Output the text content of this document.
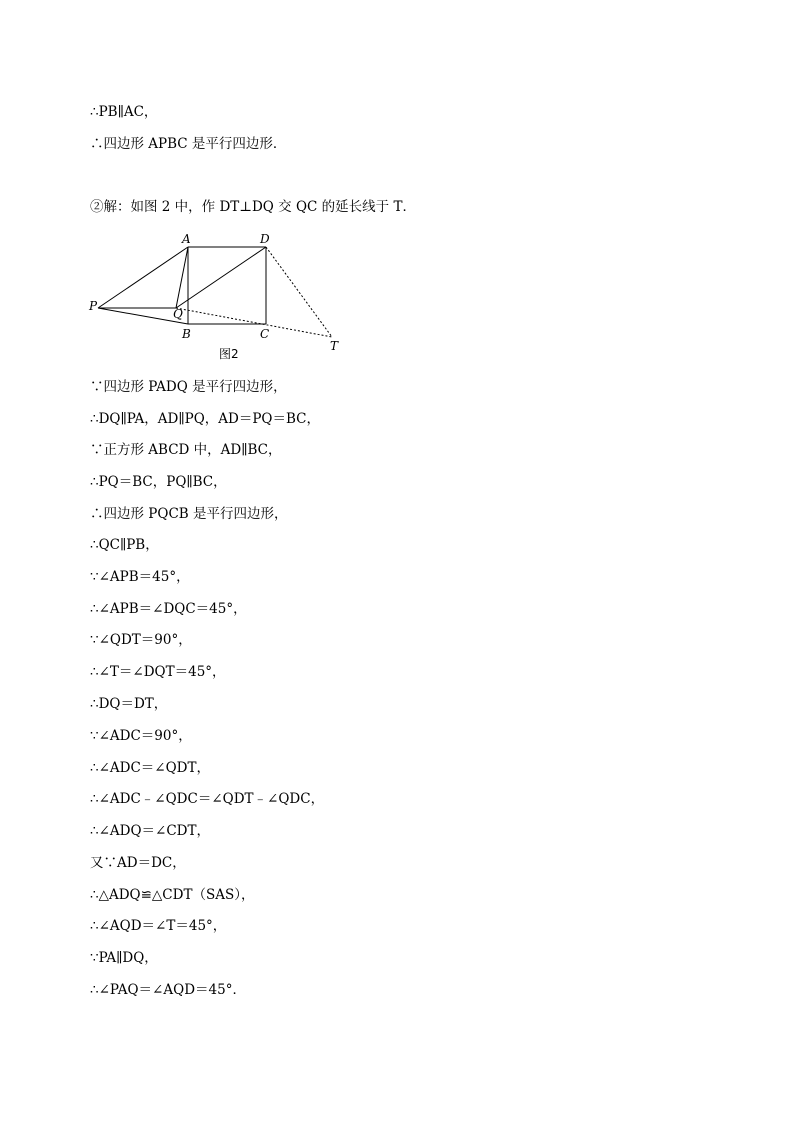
∴PB∥AC，
∴四边形 APBC 是平行四边形．
②解：如图 2 中，作 DT⊥DQ 交 QC 的延长线于 T．
A	D
P
Q
B	C
T
图2
∵四边形 PADQ 是平行四边形，
∴DQ∥PA，AD∥PQ，AD＝PQ＝BC，
∵正方形 ABCD 中，AD∥BC，
∴PQ＝BC，PQ∥BC，
∴四边形 PQCB 是平行四边形，
∴QC∥PB，
∵∠APB＝45°，
∴∠APB＝∠DQC＝45°，
∵∠QDT＝90°，
∴∠T＝∠DQT＝45°，
∴DQ＝DT，
∵∠ADC＝90°，
∴∠ADC＝∠QDT，
∴∠ADC﹣∠QDC＝∠QDT﹣∠QDC，
∴∠ADQ＝∠CDT，
又∵AD＝DC，
∴△ADQ≌△CDT（SAS），
∴∠AQD＝∠T＝45°，
∵PA∥DQ，
∴∠PAQ＝∠AQD＝45°．
